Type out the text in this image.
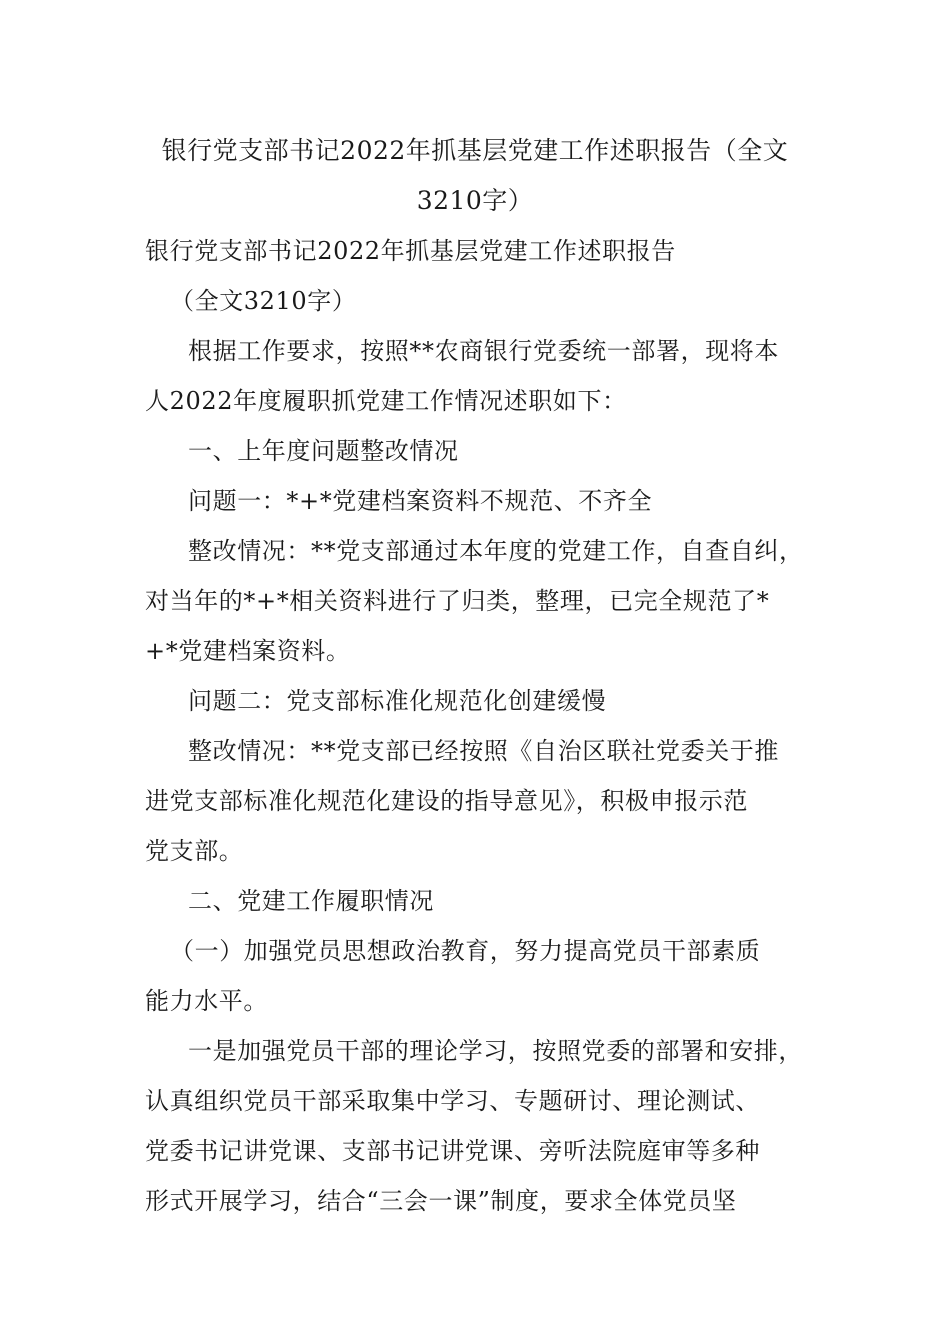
银行党支部书记2022年抓基层党建工作述职报告（全文
3210字）
银行党支部书记2022年抓基层党建工作述职报告
（全文3210字）
根据工作要求，按照**农商银行党委统一部署，现将本
人2022年度履职抓党建工作情况述职如下：
一、上年度问题整改情况
问题一：*+*党建档案资料不规范、不齐全
整改情况：**党支部通过本年度的党建工作，自查自纠，
对当年的*+*相关资料进行了归类，整理，已完全规范了*
+*党建档案资料。
问题二：党支部标准化规范化创建缓慢
整改情况：**党支部已经按照《自治区联社党委关于推
进党支部标准化规范化建设的指导意见》，积极申报示范
党支部。
二、党建工作履职情况
（一）加强党员思想政治教育，努力提高党员干部素质
能力水平。
一是加强党员干部的理论学习，按照党委的部署和安排，
认真组织党员干部采取集中学习、专题研讨、理论测试、
党委书记讲党课、支部书记讲党课、旁听法院庭审等多种
形式开展学习，结合“三会一课”制度，要求全体党员坚
